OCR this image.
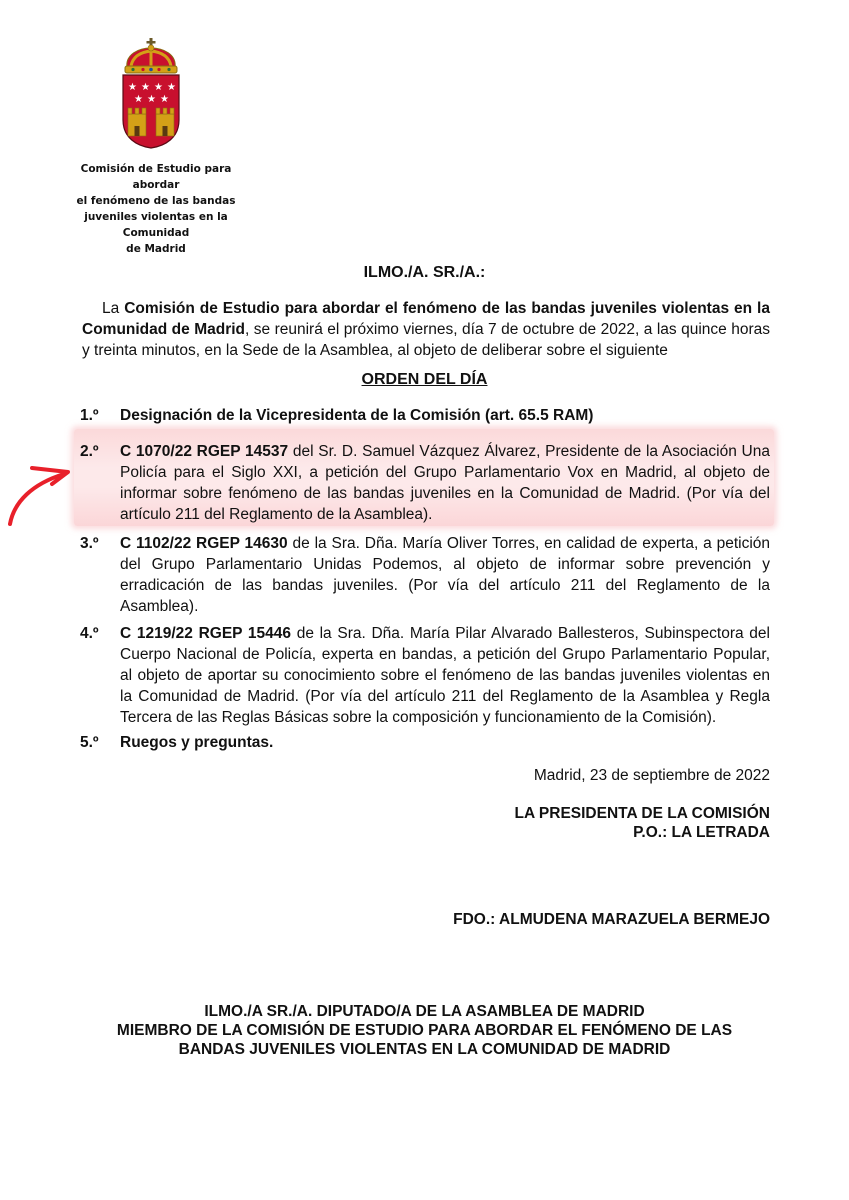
★ ★ ★ ★
★ ★ ★
Comisión de Estudio para abordar
el fenómeno de las bandas
juveniles violentas en la Comunidad
de Madrid
ILMO./A. SR./A.:
La Comisión de Estudio para abordar el fenómeno de las bandas juveniles violentas en la Comunidad de Madrid, se reunirá el próximo viernes, día 7 de octubre de 2022, a las quince horas y treinta minutos, en la Sede de la Asamblea, al objeto de deliberar sobre el siguiente
ORDEN DEL DÍA
1.º Designación de la Vicepresidenta de la Comisión (art. 65.5 RAM)
2.º C 1070/22 RGEP 14537 del Sr. D. Samuel Vázquez Álvarez, Presidente de la Asociación Una Policía para el Siglo XXI, a petición del Grupo Parlamentario Vox en Madrid, al objeto de informar sobre fenómeno de las bandas juveniles en la Comunidad de Madrid. (Por vía del artículo 211 del Reglamento de la Asamblea).
3.º C 1102/22 RGEP 14630 de la Sra. Dña. María Oliver Torres, en calidad de experta, a petición del Grupo Parlamentario Unidas Podemos, al objeto de informar sobre prevención y erradicación de las bandas juveniles. (Por vía del artículo 211 del Reglamento de la Asamblea).
4.º C 1219/22 RGEP 15446 de la Sra. Dña. María Pilar Alvarado Ballesteros, Subinspectora del Cuerpo Nacional de Policía, experta en bandas, a petición del Grupo Parlamentario Popular, al objeto de aportar su conocimiento sobre el fenómeno de las bandas juveniles violentas en la Comunidad de Madrid. (Por vía del artículo 211 del Reglamento de la Asamblea y Regla Tercera de las Reglas Básicas sobre la composición y funcionamiento de la Comisión).
5.º Ruegos y preguntas.
Madrid, 23 de septiembre de 2022
LA PRESIDENTA DE LA COMISIÓN
P.O.: LA LETRADA
FDO.: ALMUDENA MARAZUELA BERMEJO
ILMO./A SR./A. DIPUTADO/A DE LA ASAMBLEA DE MADRID
MIEMBRO DE LA COMISIÓN DE ESTUDIO PARA ABORDAR EL FENÓMENO DE LAS
BANDAS JUVENILES VIOLENTAS EN LA COMUNIDAD DE MADRID
